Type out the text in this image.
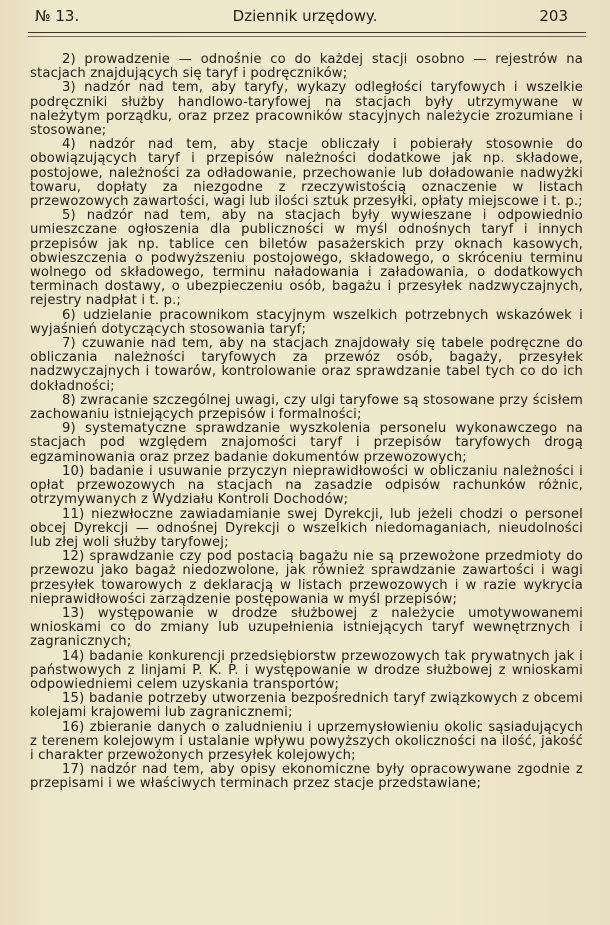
№ 13.	Dziennik urzędowy.	203

2) prowadzenie — odnośnie co do każdej stacji osobno — rejestrów na stacjach znajdujących się taryf i podręczników;

3) nadzór nad tem, aby taryfy, wykazy odległości taryfowych i wszelkie podręczniki służby handlowo-taryfowej na stacjach były utrzymywane w należytym porządku, oraz przez pracowników stacyjnych należycie zrozumiane i stosowane;

4) nadzór nad tem, aby stacje obliczały i pobierały stosownie do obowiązujących taryf i przepisów należności dodatkowe jak np. składowe, postojowe, należności za odładowanie, przechowanie lub doładowanie nadwyżki towaru, dopłaty za niezgodne z rzeczywistością oznaczenie w listach przewozowych zawartości, wagi lub ilości sztuk przesyłki, opłaty miejscowe i t. p.;

5) nadzór nad tem, aby na stacjach były wywieszane i odpowiednio umieszczane ogłoszenia dla publiczności w myśl odnośnych taryf i innych przepisów jak np. tablice cen biletów pasażerskich przy oknach kasowych, obwieszczenia o podwyższeniu postojowego, składowego, o skróceniu terminu wolnego od składowego, terminu naładowania i załadowania, o dodatkowych terminach dostawy, o ubezpieczeniu osób, bagażu i przesyłek nadzwyczajnych, rejestry nadpłat i t. p.;

6) udzielanie pracownikom stacyjnym wszelkich potrzebnych wskazówek i wyjaśnień dotyczących stosowania taryf;

7) czuwanie nad tem, aby na stacjach znajdowały się tabele podręczne do obliczania należności taryfowych za przewóz osób, bagaży, przesyłek nadzwyczajnych i towarów, kontrolowanie oraz sprawdzanie tabel tych co do ich dokładności;

8) zwracanie szczególnej uwagi, czy ulgi taryfowe są stosowane przy ścisłem zachowaniu istniejących przepisów i formalności;

9) systematyczne sprawdzanie wyszkolenia personelu wykonawczego na stacjach pod względem znajomości taryf i przepisów taryfowych drogą egzaminowania oraz przez badanie dokumentów przewozowych;

10) badanie i usuwanie przyczyn nieprawidłowości w obliczaniu należności i opłat przewozowych na stacjach na zasadzie odpisów rachunków różnic, otrzymywanych z Wydziału Kontroli Dochodów;

11) niezwłoczne zawiadamianie swej Dyrekcji, lub jeżeli chodzi o personel obcej Dyrekcji — odnośnej Dyrekcji o wszelkich niedomaganiach, nieudolności lub złej woli służby taryfowej;

12) sprawdzanie czy pod postacią bagażu nie są przewożone przedmioty do przewozu jako bagaż niedozwolone, jak również sprawdzanie zawartości i wagi przesyłek towarowych z deklaracją w listach przewozowych i w razie wykrycia nieprawidłowości zarządzenie postępowania w myśl przepisów;

13) występowanie w drodze służbowej z należycie umotywowanemi wnioskami co do zmiany lub uzupełnienia istniejących taryf wewnętrznych i zagranicznych;

14) badanie konkurencji przedsiębiorstw przewozowych tak prywatnych jak i państwowych z linjami P. K. P. i występowanie w drodze służbowej z wnioskami odpowiedniemi celem uzyskania transportów;

15) badanie potrzeby utworzenia bezpośrednich taryf związkowych z obcemi kolejami krajowemi lub zagranicznemi;

16) zbieranie danych o zaludnieniu i uprzemysłowieniu okolic sąsiadujących z terenem kolejowym i ustalanie wpływu powyższych okoliczności na ilość, jakość i charakter przewożonych przesyłek kolejowych;

17) nadzór nad tem, aby opisy ekonomiczne były opracowywane zgodnie z przepisami i we właściwych terminach przez stacje przedstawiane;
